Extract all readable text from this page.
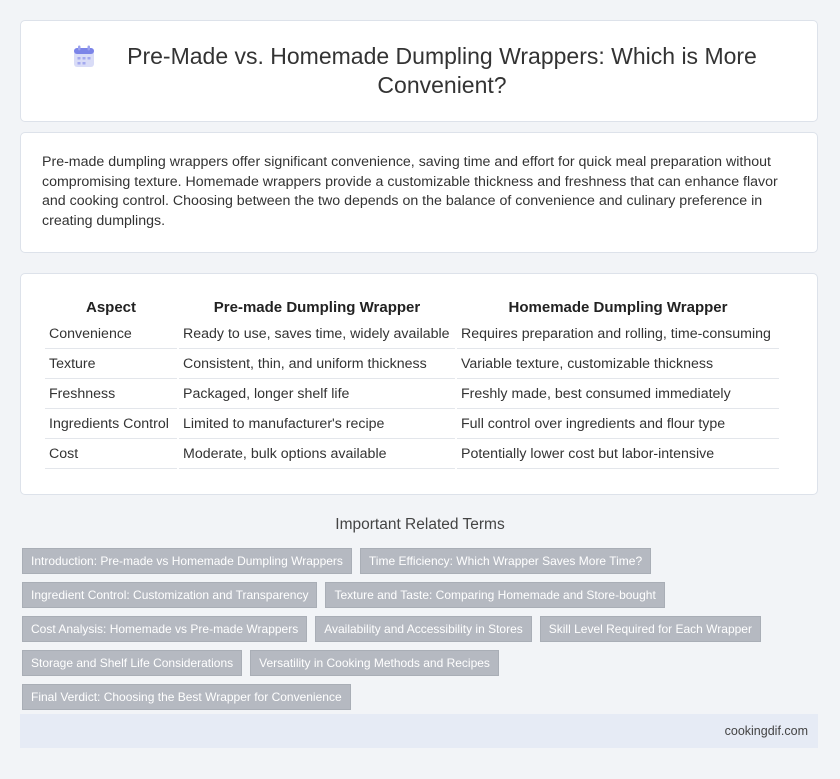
Pre-Made vs. Homemade Dumpling Wrappers: Which is More Convenient?

Pre-made dumpling wrappers offer significant convenience, saving time and effort for quick meal preparation without compromising texture. Homemade wrappers provide a customizable thickness and freshness that can enhance flavor and cooking control. Choosing between the two depends on the balance of convenience and culinary preference in creating dumplings.

Aspect	Pre-made Dumpling Wrapper	Homemade Dumpling Wrapper
Convenience	Ready to use, saves time, widely available	Requires preparation and rolling, time-consuming
Texture	Consistent, thin, and uniform thickness	Variable texture, customizable thickness
Freshness	Packaged, longer shelf life	Freshly made, best consumed immediately
Ingredients Control	Limited to manufacturer's recipe	Full control over ingredients and flour type
Cost	Moderate, bulk options available	Potentially lower cost but labor-intensive
Important Related Terms
Introduction: Pre-made vs Homemade Dumpling Wrappers	Time Efficiency: Which Wrapper Saves More Time?
Ingredient Control: Customization and Transparency	Texture and Taste: Comparing Homemade and Store-bought
Cost Analysis: Homemade vs Pre-made Wrappers	Availability and Accessibility in Stores	Skill Level Required for Each Wrapper
Storage and Shelf Life Considerations	Versatility in Cooking Methods and Recipes
Final Verdict: Choosing the Best Wrapper for Convenience
cookingdif.com
